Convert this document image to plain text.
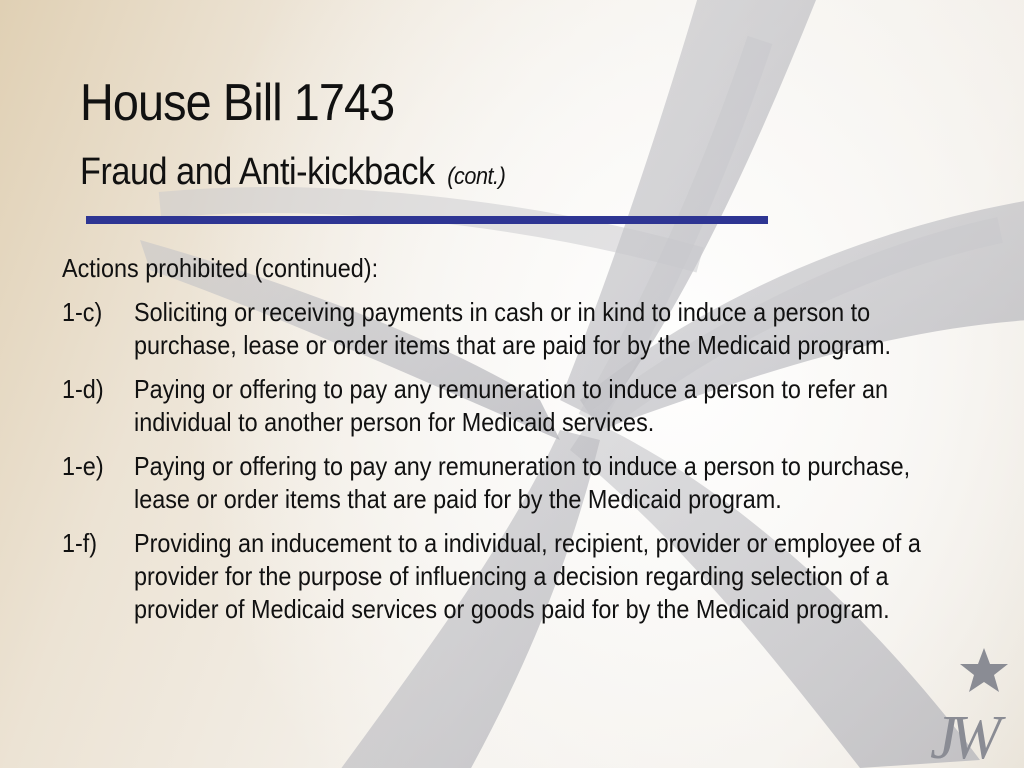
House Bill 1743
Fraud and Anti-kickback (cont.)

Actions prohibited (continued):

1-c)	Soliciting or receiving payments in cash or in kind to induce a person to purchase, lease or order items that are paid for by the Medicaid program.
1-d)	Paying or offering to pay any remuneration to induce a person to refer an individual to another person for Medicaid services.
1-e)	Paying or offering to pay any remuneration to induce a person to purchase, lease or order items that are paid for by the Medicaid program.
1-f)	Providing an inducement to a individual, recipient, provider or employee of a provider for the purpose of influencing a decision regarding selection of a provider of Medicaid services or goods paid for by the Medicaid program.
JW
